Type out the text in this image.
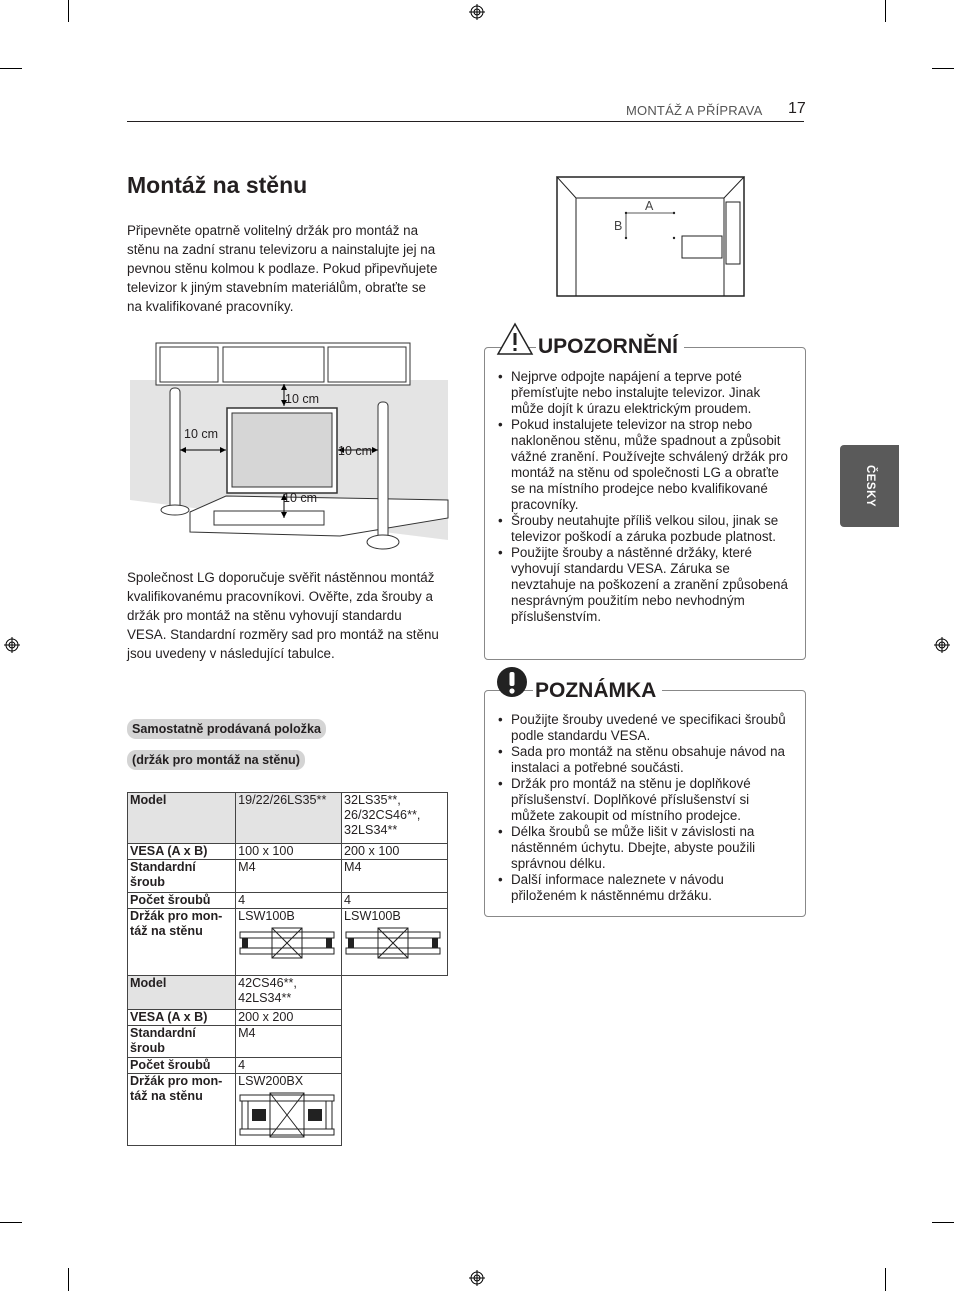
MONTÁŽ A PŘÍPRAVA 17
ČESKY
Montáž na stěnu

Připevněte opatrně volitelný držák pro montáž na stěnu na zadní stranu televizoru a nainstalujte jej na pevnou stěnu kolmou k podlaze. Pokud připevňujete televizor k jiným stavebním materiálům, obraťte se na kvalifikované pracovníky.

10 cm
10 cm
10 cm
10 cm

Společnost LG doporučuje svěřit nástěnnou montáž kvalifikovanému pracovníkovi. Ověřte, zda šrouby a držák pro montáž na stěnu vyhovují standardu VESA. Standardní rozměry sad pro montáž na stěnu jsou uvedeny v následující tabulce.

Samostatně prodávaná položka
(držák pro montáž na stěnu)
Model	19/22/26LS35**	32LS35**, 26/32CS46**, 32LS34**
VESA (A x B)	100 x 100	200 x 100
Standardní šroub	M4	M4
Počet šroubů	4	4
Držák pro mon- táž na stěnu	LSW100B	LSW100B
Model	42CS46**, 42LS34**
VESA (A x B)	200 x 200
Standardní šroub	M4
Počet šroubů	4
Držák pro mon- táž na stěnu	LSW200BX
A
B
UPOZORNĚNÍ
• Nejprve odpojte napájení a teprve poté přemísťujte nebo instalujte televizor. Jinak může dojít k úrazu elektrickým proudem.
• Pokud instalujete televizor na strop nebo nakloněnou stěnu, může spadnout a způsobit vážné zranění. Používejte schválený držák pro montáž na stěnu od společnosti LG a obraťte se na místního prodejce nebo kvalifikované pracovníky.
• Šrouby neutahujte příliš velkou silou, jinak se televizor poškodí a záruka pozbude platnost.
• Použijte šrouby a nástěnné držáky, které vyhovují standardu VESA. Záruka se nevztahuje na poškození a zranění způsobená nesprávným použitím nebo nevhodným příslušenstvím.
POZNÁMKA
• Použijte šrouby uvedené ve specifikaci šroubů podle standardu VESA.
• Sada pro montáž na stěnu obsahuje návod na instalaci a potřebné součásti.
• Držák pro montáž na stěnu je doplňkové příslušenství. Doplňkové příslušenství si můžete zakoupit od místního prodejce.
• Délka šroubů se může lišit v závislosti na nástěnném úchytu. Dbejte, abyste použili správnou délku.
• Další informace naleznete v návodu přiloženém k nástěnnému držáku.
